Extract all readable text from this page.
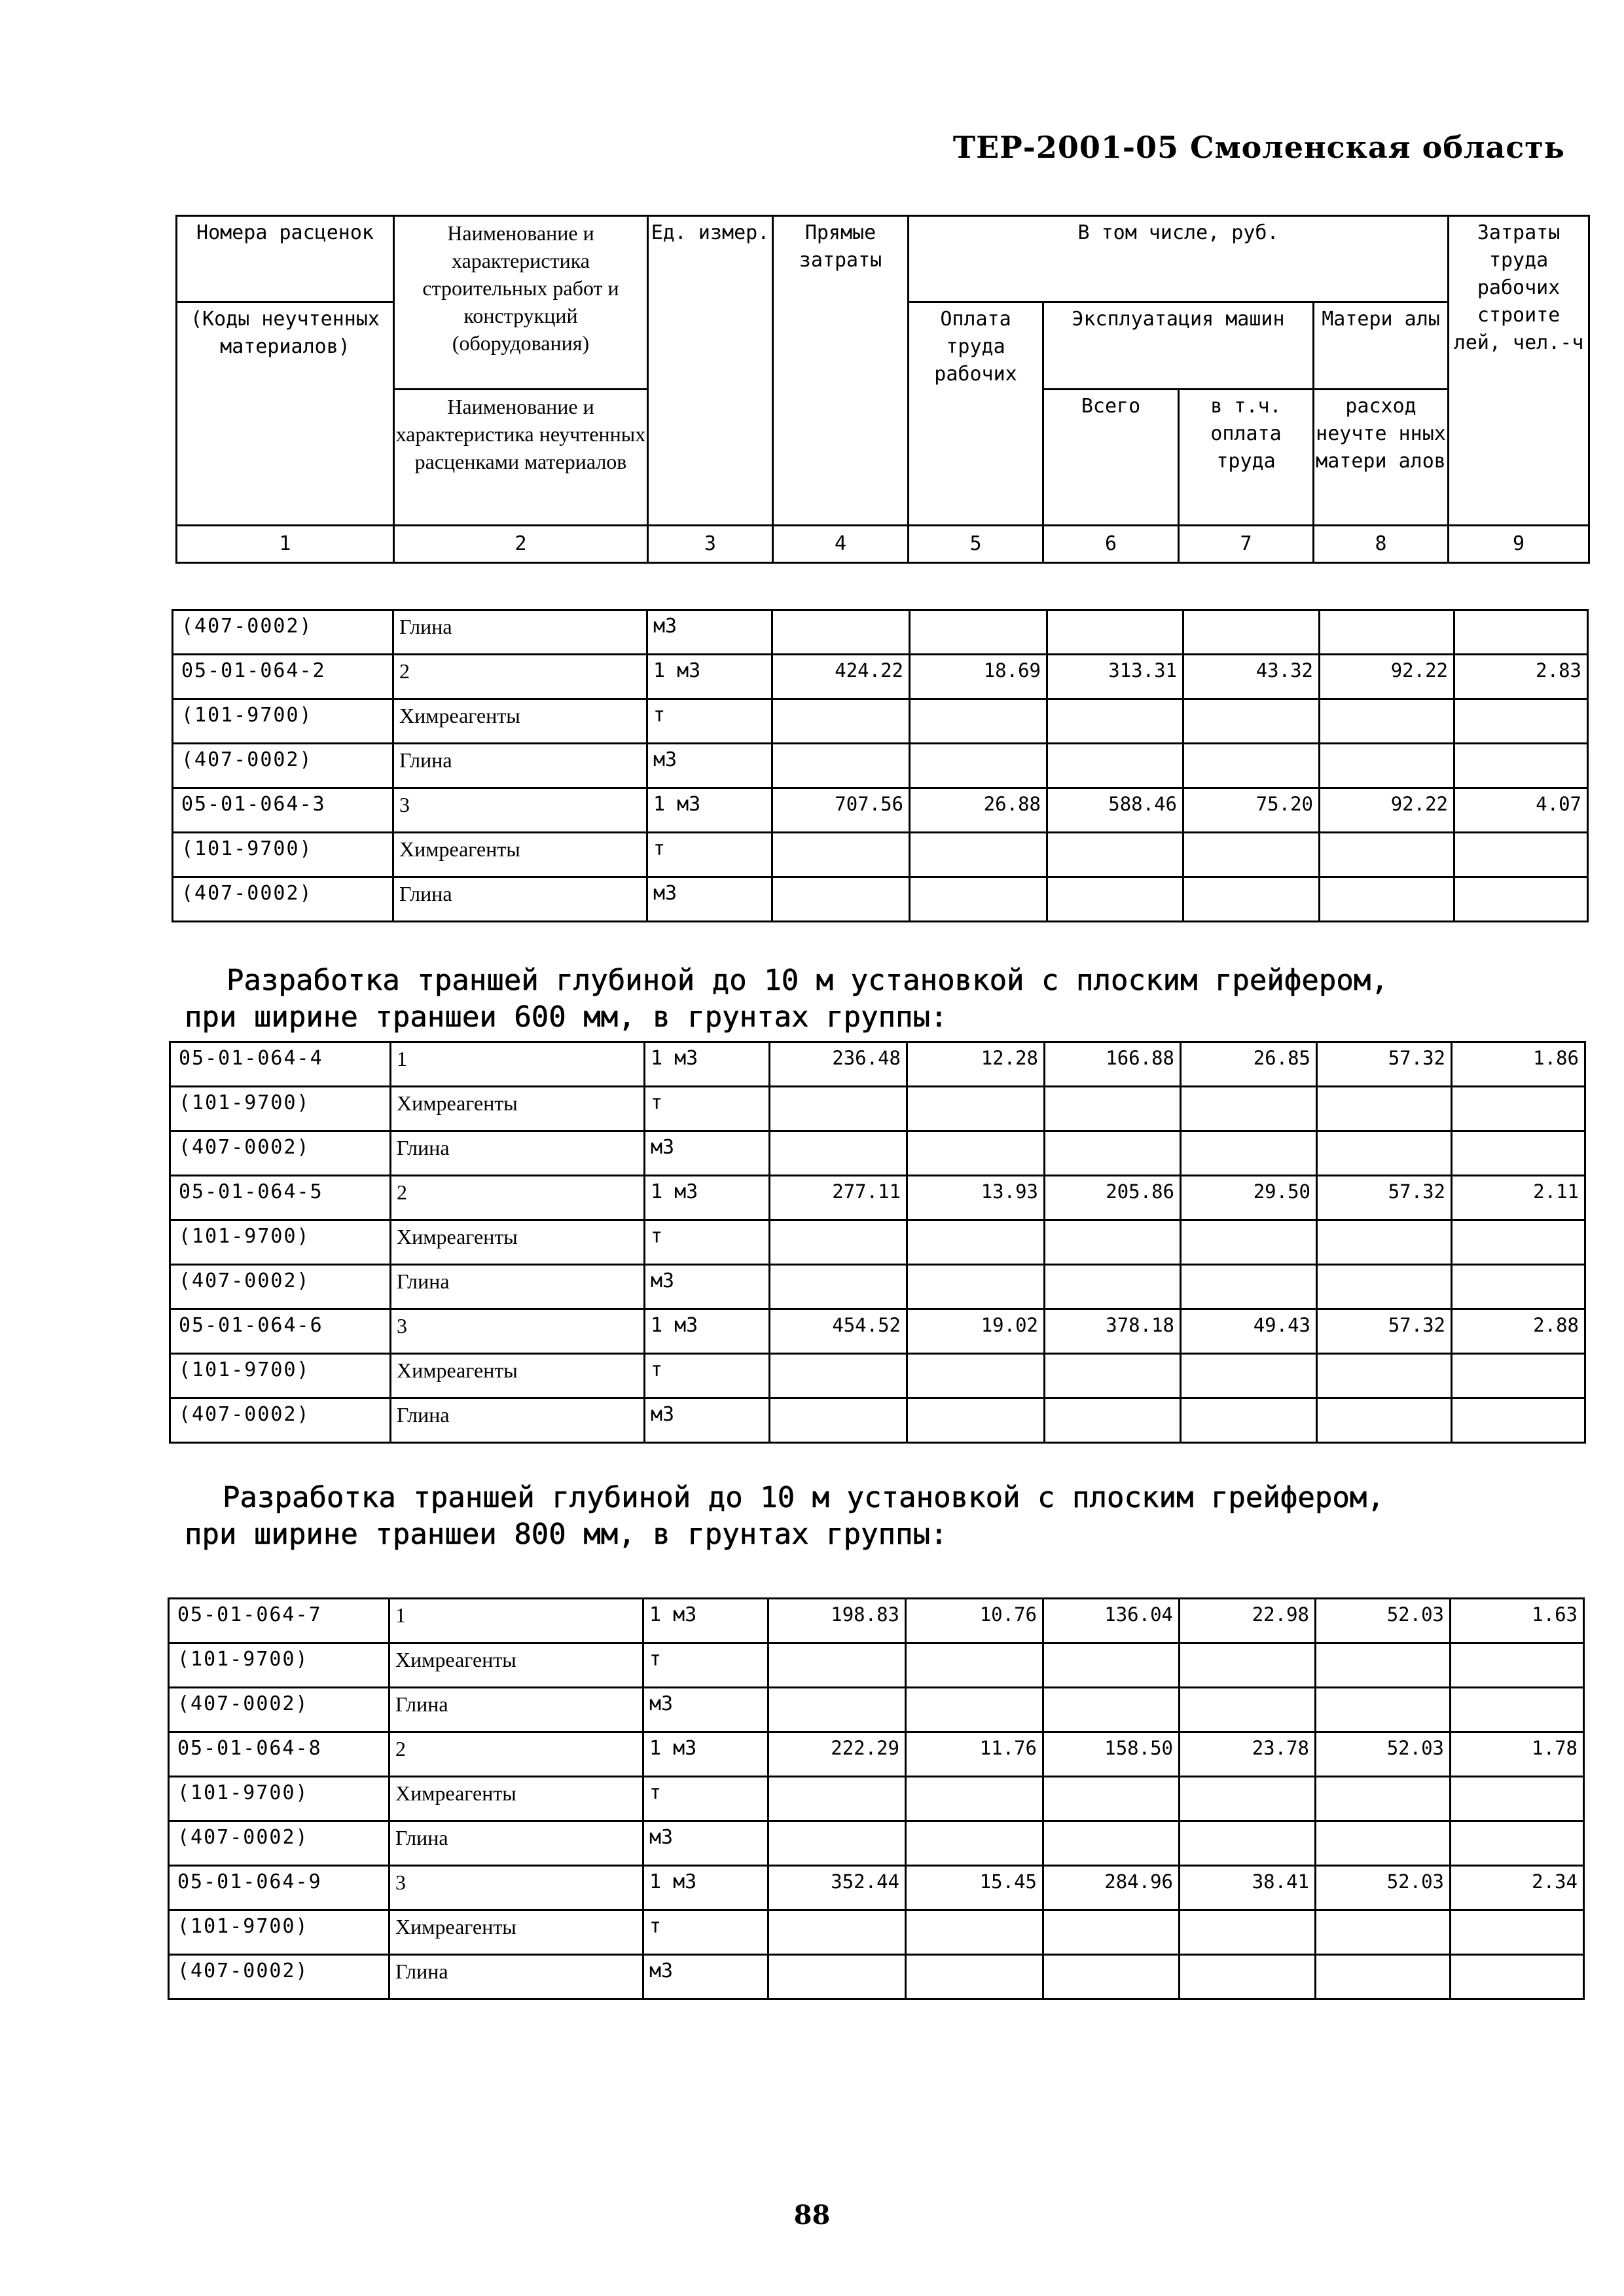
ТЕР-2001-05 Смоленская область
Номера расценок	Наименование и характеристика строительных работ и конструкций (оборудования)	Ед. измер.	Прямые затраты	В том числе, руб.				Затраты труда рабочих строите лей, чел.-ч
(Коды неучтенных материалов)				Оплата труда рабочих	Эксплуатация машин		Матери алы	
	Наименование и характеристика неучтенных расценками материалов				Всего	в т.ч. оплата труда	расход неучте нных матери алов	

1	2	3	4	5	6	7	8	9
(407-0002)	Глина	м3						
05-01-064-2	2	1 м3	424.22	18.69	313.31	43.32	92.22	2.83
(101-9700)	Химреагенты	т						
(407-0002)	Глина	м3						
05-01-064-3	3	1 м3	707.56	26.88	588.46	75.20	92.22	4.07
(101-9700)	Химреагенты	т						
(407-0002)	Глина	м3						
Разработка траншей глубиной до 10 м установкой с плоским грейфером,
при ширине траншеи 600 мм, в грунтах группы:
05-01-064-4	1	1 м3	236.48	12.28	166.88	26.85	57.32	1.86
(101-9700)	Химреагенты	т						
(407-0002)	Глина	м3						
05-01-064-5	2	1 м3	277.11	13.93	205.86	29.50	57.32	2.11
(101-9700)	Химреагенты	т						
(407-0002)	Глина	м3						
05-01-064-6	3	1 м3	454.52	19.02	378.18	49.43	57.32	2.88
(101-9700)	Химреагенты	т						
(407-0002)	Глина	м3						
Разработка траншей глубиной до 10 м установкой с плоским грейфером,
при ширине траншеи 800 мм, в грунтах группы:
05-01-064-7	1	1 м3	198.83	10.76	136.04	22.98	52.03	1.63
(101-9700)	Химреагенты	т						
(407-0002)	Глина	м3						
05-01-064-8	2	1 м3	222.29	11.76	158.50	23.78	52.03	1.78
(101-9700)	Химреагенты	т						
(407-0002)	Глина	м3						
05-01-064-9	3	1 м3	352.44	15.45	284.96	38.41	52.03	2.34
(101-9700)	Химреагенты	т						
(407-0002)	Глина	м3						
88
